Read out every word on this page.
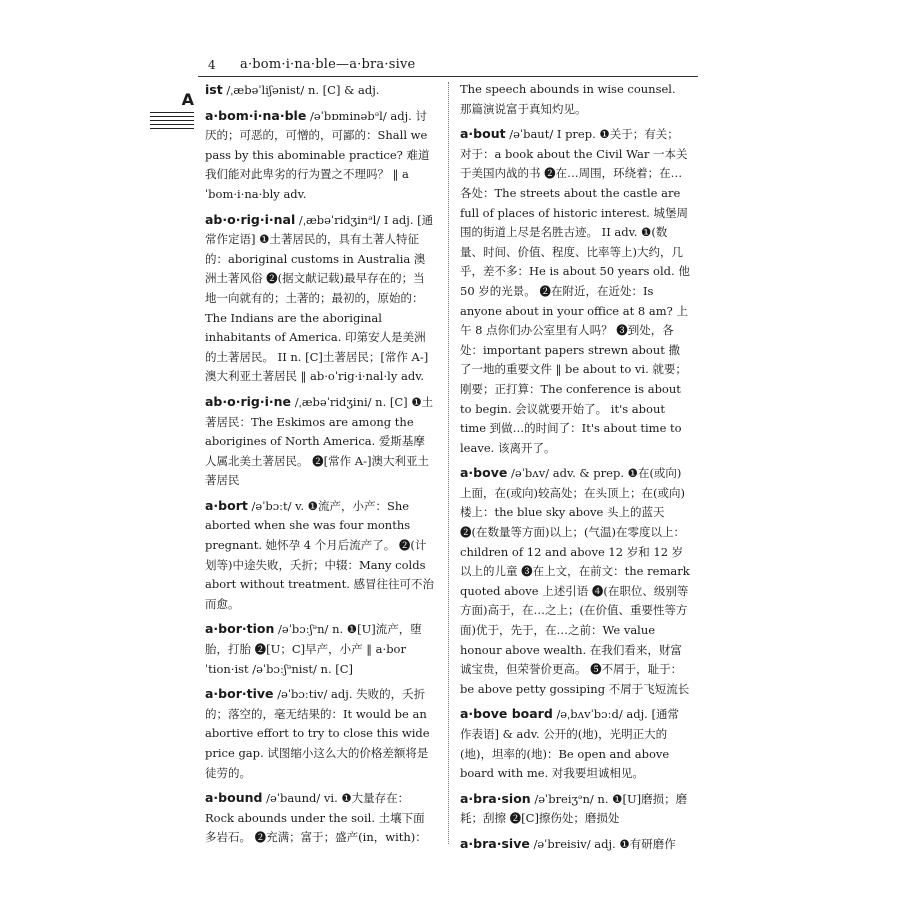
4 a·bom·i·na·ble—a·bra·sive
A
ist /ˌæbəˈliʃənist/ n. [C] & adj.
a·bom·i·na·ble /əˈbɒminəbᵊl/ adj. 讨厌的；可恶的，可憎的，可鄙的：Shall we pass by this abominable practice? 难道我们能对此卑劣的行为置之不理吗？ ‖ aˈbom·i·na·bly adv.
ab·o·rig·i·nal /ˌæbəˈridʒinᵊl/ I adj. [通常作定语] ❶土著居民的，具有土著人特征的：aboriginal customs in Australia 澳洲土著风俗 ❷(据文献记载)最早存在的；当地一向就有的；土著的；最初的，原始的：The Indians are the aboriginal inhabitants of America. 印第安人是美洲的土著居民。 II n. [C]土著居民；[常作 A-]澳大利亚土著居民 ‖ ab·oˈrig·i·nal·ly adv.
ab·o·rig·i·ne /ˌæbəˈridʒini/ n. [C] ❶土著居民：The Eskimos are among the aborigines of North America. 爱斯基摩人属北美土著居民。 ❷[常作 A-]澳大利亚土著居民
a·bort /əˈbɔːt/ v. ❶流产，小产：She aborted when she was four months pregnant. 她怀孕 4 个月后流产了。 ❷(计划等)中途失败，夭折；中辍：Many colds abort without treatment. 感冒往往可不治而愈。
a·bor·tion /əˈbɔːʃᵊn/ n. ❶[U]流产，堕胎，打胎 ❷[U；C]早产，小产 ‖ a·borˈtion·ist /əˈbɔːʃᵊnist/ n. [C]
a·bor·tive /əˈbɔːtiv/ adj. 失败的，夭折的；落空的，毫无结果的：It would be an abortive effort to try to close this wide price gap. 试图缩小这么大的价格差额将是徒劳的。
a·bound /əˈbaund/ vi. ❶大量存在：Rock abounds under the soil. 土壤下面多岩石。 ❷充满；富于；盛产(in，with)：
The speech abounds in wise counsel. 那篇演说富于真知灼见。
a·bout /əˈbaut/ I prep. ❶关于；有关；对于：a book about the Civil War 一本关于美国内战的书 ❷在…周围，环绕着；在…各处：The streets about the castle are full of places of historic interest. 城堡周围的街道上尽是名胜古迹。 II adv. ❶(数量、时间、价值、程度、比率等上)大约，几乎，差不多：He is about 50 years old. 他 50 岁的光景。 ❷在附近，在近处：Is anyone about in your office at 8 am? 上午 8 点你们办公室里有人吗？ ❸到处，各处：important papers strewn about 撒了一地的重要文件 ‖ be about to vi. 就要；刚要；正打算：The conference is about to begin. 会议就要开始了。 it's about time 到做…的时间了：It's about time to leave. 该离开了。
a·bove /əˈbʌv/ adv. & prep. ❶在(或向)上面，在(或向)较高处；在头顶上；在(或向)楼上：the blue sky above 头上的蓝天 ❷(在数量等方面)以上；(气温)在零度以上：children of 12 and above 12 岁和 12 岁以上的儿童 ❸在上文，在前文：the remark quoted above 上述引语 ❹(在职位、级别等方面)高于，在…之上；(在价值、重要性等方面)优于，先于，在…之前：We value honour above wealth. 在我们看来，财富诚宝贵，但荣誉价更高。 ❺不屑于，耻于：be above petty gossiping 不屑于飞短流长
a·bove board /əˌbʌvˈbɔːd/ adj. [通常作表语] & adv. 公开的(地)，光明正大的(地)，坦率的(地)：Be open and above board with me. 对我要坦诚相见。
a·bra·sion /əˈbreiʒᵊn/ n. ❶[U]磨损；磨耗；刮擦 ❷[C]擦伤处；磨损处
a·bra·sive /əˈbreisiv/ adj. ❶有研磨作
